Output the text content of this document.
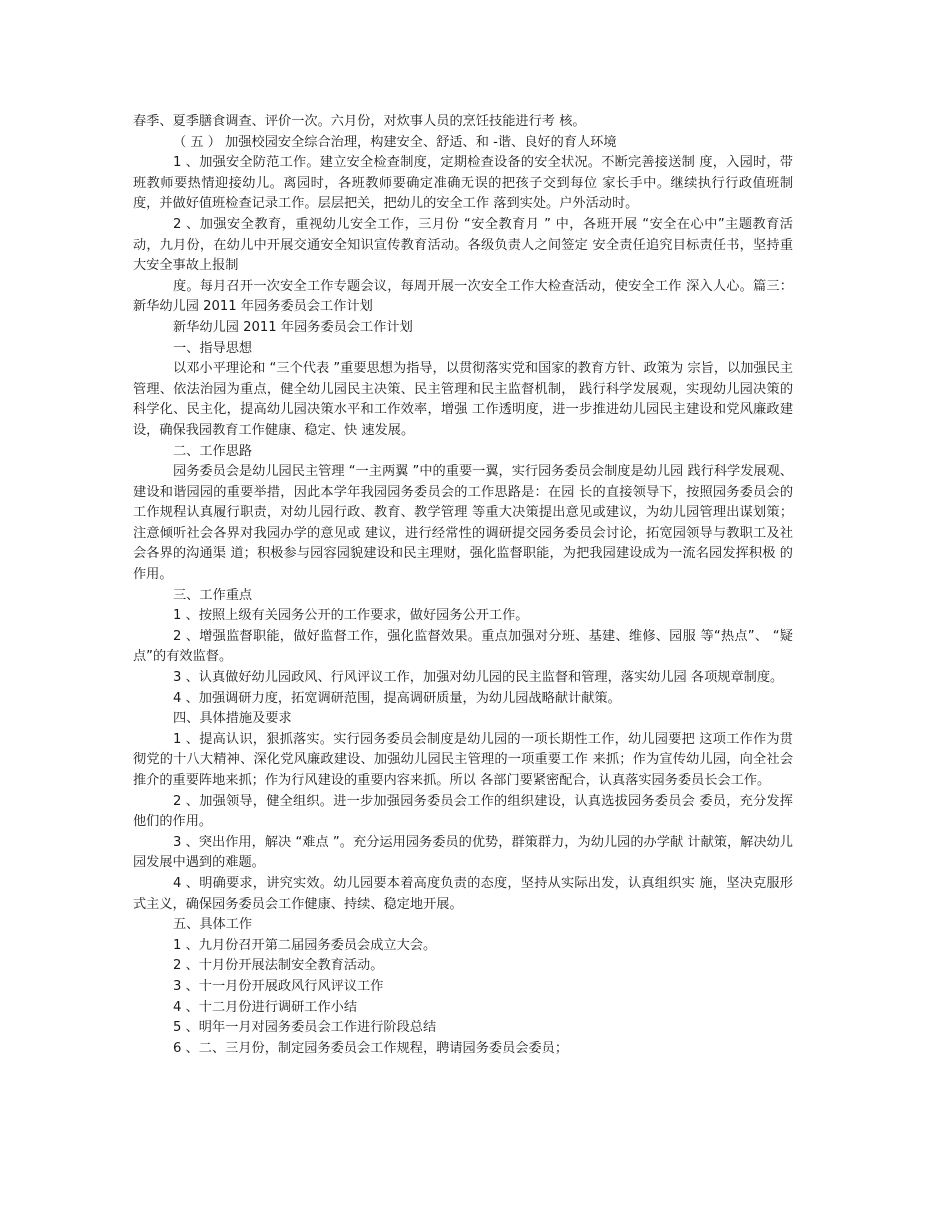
春季、夏季膳食调查、评价一次。六月份，对炊事人员的烹饪技能进行考 核。

（ 五 ） 加强校园安全综合治理，构建安全、舒适、和 -谐、良好的育人环境

1 、加强安全防范工作。建立安全检查制度，定期检查设备的安全状况。不断完善接送制 度，入园时，带班教师要热情迎接幼儿。离园时，各班教师要确定准确无误的把孩子交到每位 家长手中。继续执行行政值班制度，并做好值班检查记录工作。层层把关，把幼儿的安全工作 落到实处。户外活动时。

2 、加强安全教育，重视幼儿安全工作，三月份 “安全教育月 ” 中，各班开展 “安全在心中”主题教育活动，九月份，在幼儿中开展交通安全知识宣传教育活动。各级负责人之间签定 安全责任追究目标责任书，坚持重大安全事故上报制

度。每月召开一次安全工作专题会议，每周开展一次安全工作大检查活动，使安全工作 深入人心。篇三：新华幼儿园 2011 年园务委员会工作计划

新华幼儿园 2011 年园务委员会工作计划

一、指导思想

以邓小平理论和 “三个代表 ”重要思想为指导，以贯彻落实党和国家的教育方针、政策为 宗旨，以加强民主管理、依法治园为重点，健全幼儿园民主决策、民主管理和民主监督机制， 践行科学发展观，实现幼儿园决策的科学化、民主化，提高幼儿园决策水平和工作效率，增强 工作透明度，进一步推进幼儿园民主建设和党风廉政建设，确保我园教育工作健康、稳定、快 速发展。

二、工作思路

园务委员会是幼儿园民主管理 “一主两翼 ”中的重要一翼，实行园务委员会制度是幼儿园 践行科学发展观、建设和谐园园的重要举措，因此本学年我园园务委员会的工作思路是：在园 长的直接领导下，按照园务委员会的工作规程认真履行职责，对幼儿园行政、教育、教学管理 等重大决策提出意见或建议，为幼儿园管理出谋划策；注意倾听社会各界对我园办学的意见或 建议，进行经常性的调研提交园务委员会讨论，拓宽园领导与教职工及社会各界的沟通渠 道；积极参与园容园貌建设和民主理财，强化监督职能，为把我园建设成为一流名园发挥积极 的作用。

三、工作重点

1 、按照上级有关园务公开的工作要求，做好园务公开工作。

2 、增强监督职能，做好监督工作，强化监督效果。重点加强对分班、基建、维修、园服 等“热点”、 “疑点”的有效监督。

3 、认真做好幼儿园政风、行风评议工作，加强对幼儿园的民主监督和管理，落实幼儿园 各项规章制度。

4 、加强调研力度，拓宽调研范围，提高调研质量，为幼儿园战略献计献策。

四、具体措施及要求

1 、提高认识，狠抓落实。实行园务委员会制度是幼儿园的一项长期性工作，幼儿园要把 这项工作作为贯彻党的十八大精神、深化党风廉政建设、加强幼儿园民主管理的一项重要工作 来抓；作为宣传幼儿园，向全社会推介的重要阵地来抓；作为行风建设的重要内容来抓。所以 各部门要紧密配合，认真落实园务委员长会工作。

2 、加强领导，健全组织。进一步加强园务委员会工作的组织建设，认真选拔园务委员会 委员，充分发挥他们的作用。

3 、突出作用，解决 “难点 ”。充分运用园务委员的优势，群策群力，为幼儿园的办学献 计献策，解决幼儿园发展中遇到的难题。

4 、明确要求，讲究实效。幼儿园要本着高度负责的态度，坚持从实际出发，认真组织实 施，坚决克服形式主义，确保园务委员会工作健康、持续、稳定地开展。

五、具体工作

1 、九月份召开第二届园务委员会成立大会。

2 、十月份开展法制安全教育活动。

3 、十一月份开展政风行风评议工作

4 、十二月份进行调研工作小结

5 、明年一月对园务委员会工作进行阶段总结

6 、二、三月份，制定园务委员会工作规程，聘请园务委员会委员；
